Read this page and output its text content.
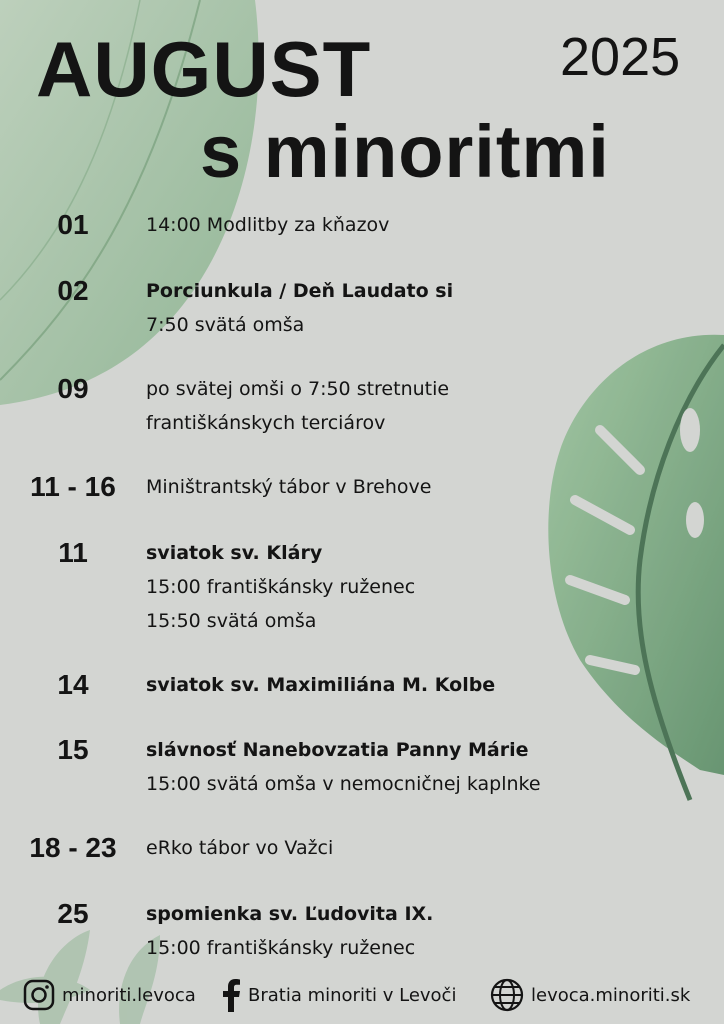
AUGUST	2025
s minoritmi
01	14:00 Modlitby za kňazov
02	Porciunkula / Deň Laudato si
7:50 svätá omša
09	po svätej omši o 7:50 stretnutie
františkánskych terciárov
11 - 16	Miništrantský tábor v Brehove
11	sviatok sv. Kláry
15:00 františkánsky ruženec
15:50 svätá omša
14	sviatok sv. Maximiliána M. Kolbe
15	slávnosť Nanebovzatia Panny Márie
15:00 svätá omša v nemocničnej kaplnke
18 - 23	eRko tábor vo Važci
25	spomienka sv. Ľudovita IX.
15:00 františkánsky ruženec
minoriti.levoca	Bratia minoriti v Levoči	levoca.minoriti.sk
